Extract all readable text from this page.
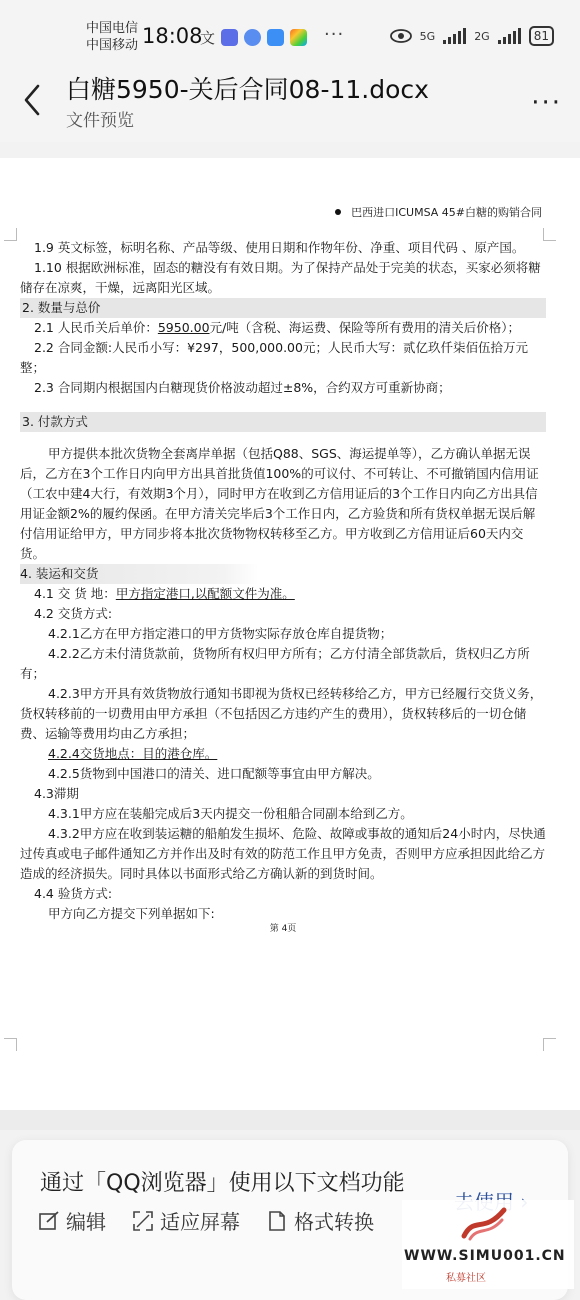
中国电信
中国移动 18:08
文	···	5G	2G	81
白糖5950-关后合同08-11.docx
文件预览
···
巴西进口ICUMSA 45#白糖的购销合同

1.9 英文标签，标明名称、产品等级、使用日期和作物年份、净重、项目代码 、原产国。

1.10 根据欧洲标准，固态的糖没有有效日期。为了保持产品处于完美的状态，买家必须将糖储存在凉爽，干燥，远离阳光区域。

2. 数量与总价

2.1 人民币关后单价：5950.00元/吨（含税、海运费、保险等所有费用的清关后价格）；

2.2 合同金额:人民币小写：¥297，500,000.00元；人民币大写：贰亿玖仟柒佰伍拾万元整；

2.3 合同期内根据国内白糖现货价格波动超过±8%，合约双方可重新协商；

3. 付款方式

甲方提供本批次货物全套离岸单据（包括Q88、SGS、海运提单等），乙方确认单据无误后，乙方在3个工作日内向甲方出具首批货值100%的可议付、不可转让、不可撤销国内信用证（工农中建4大行，有效期3个月），同时甲方在收到乙方信用证后的3个工作日内向乙方出具信用证金额2%的履约保函。在甲方清关完毕后3个工作日内，乙方验货和所有货权单据无误后解付信用证给甲方，甲方同步将本批次货物物权转移至乙方。甲方收到乙方信用证后60天内交货。

4. 装运和交货

4.1 交 货 地：甲方指定港口,以配额文件为准。

4.2 交货方式:

4.2.1乙方在甲方指定港口的甲方货物实际存放仓库自提货物；

4.2.2乙方未付清货款前，货物所有权归甲方所有；乙方付清全部货款后，货权归乙方所有；

4.2.3甲方开具有效货物放行通知书即视为货权已经转移给乙方，甲方已经履行交货义务，货权转移前的一切费用由甲方承担（不包括因乙方违约产生的费用），货权转移后的一切仓储费、运输等费用均由乙方承担；

4.2.4交货地点：目的港仓库。

4.2.5货物到中国港口的清关、进口配额等事宜由甲方解决。

4.3滞期

4.3.1甲方应在装船完成后3天内提交一份租船合同副本给到乙方。

4.3.2甲方应在收到装运糖的船舶发生损坏、危险、故障或事故的通知后24小时内，尽快通过传真或电子邮件通知乙方并作出及时有效的防范工作且甲方免责，否则甲方应承担因此给乙方造成的经济损失。同时具体以书面形式给乙方确认新的到货时间。

4.4 验货方式:

甲方向乙方提交下列单据如下:

第 4页

通过「QQ浏览器」使用以下文档功能
编辑	适应屏幕	格式转换
WWW.SIMU001.CN
私募社区
